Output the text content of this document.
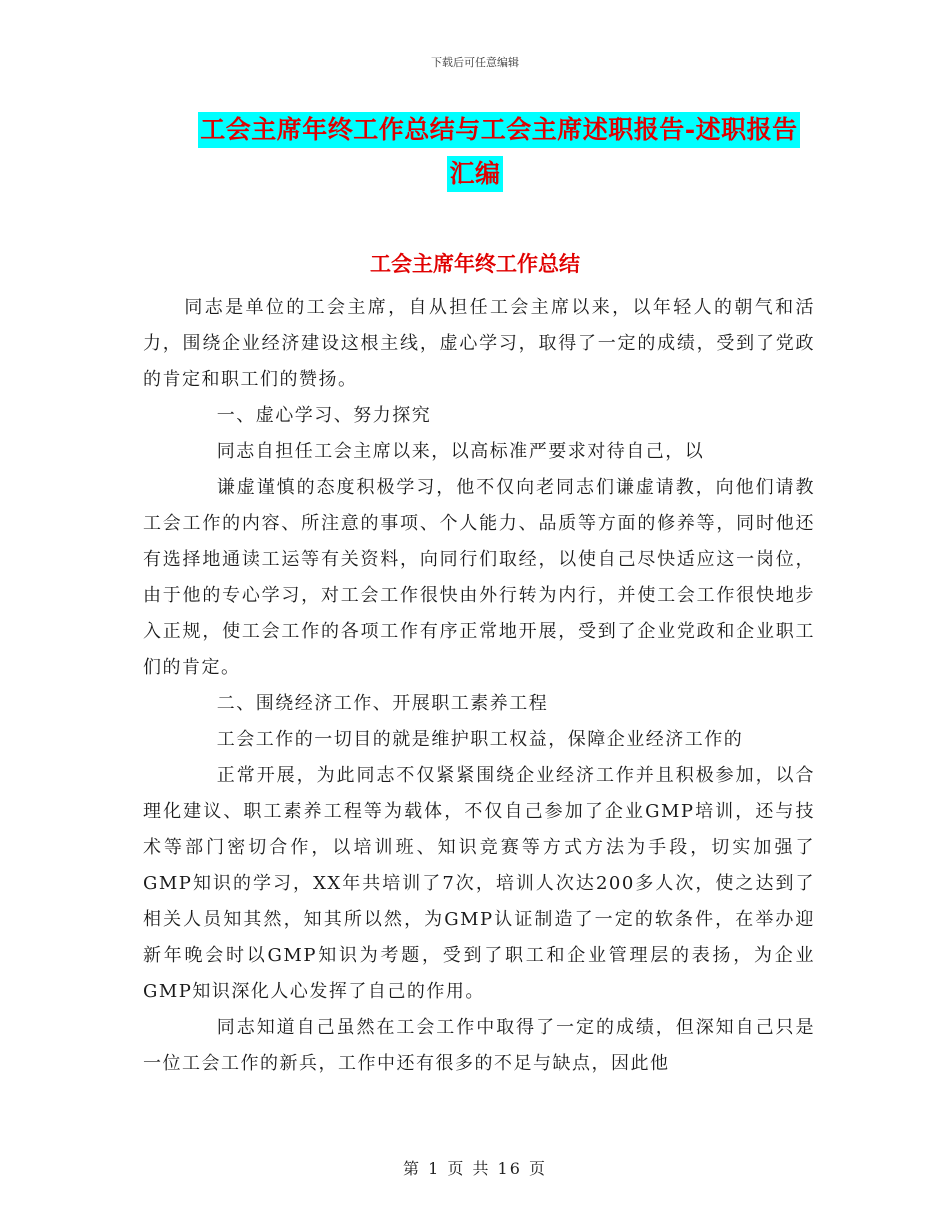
下载后可任意编辑
工会主席年终工作总结与工会主席述职报告-述职报告
汇编
工会主席年终工作总结

同志是单位的工会主席，自从担任工会主席以来，以年轻人的朝气和活力，围绕企业经济建设这根主线，虚心学习，取得了一定的成绩，受到了党政的肯定和职工们的赞扬。

一、虚心学习、努力探究

同志自担任工会主席以来，以高标准严要求对待自己，以

谦虚谨慎的态度积极学习，他不仅向老同志们谦虚请教，向他们请教工会工作的内容、所注意的事项、个人能力、品质等方面的修养等，同时他还有选择地通读工运等有关资料，向同行们取经，以使自己尽快适应这一岗位，由于他的专心学习，对工会工作很快由外行转为内行，并使工会工作很快地步入正规，使工会工作的各项工作有序正常地开展，受到了企业党政和企业职工们的肯定。

二、围绕经济工作、开展职工素养工程

工会工作的一切目的就是维护职工权益，保障企业经济工作的

正常开展，为此同志不仅紧紧围绕企业经济工作并且积极参加，以合理化建议、职工素养工程等为载体，不仅自己参加了企业GMP培训，还与技术等部门密切合作，以培训班、知识竞赛等方式方法为手段，切实加强了GMP知识的学习，XX年共培训了7次，培训人次达200多人次，使之达到了相关人员知其然，知其所以然，为GMP认证制造了一定的软条件，在举办迎新年晚会时以GMP知识为考题，受到了职工和企业管理层的表扬，为企业GMP知识深化人心发挥了自己的作用。

同志知道自己虽然在工会工作中取得了一定的成绩，但深知自己只是一位工会工作的新兵，工作中还有很多的不足与缺点，因此他

第 1 页 共 16 页
